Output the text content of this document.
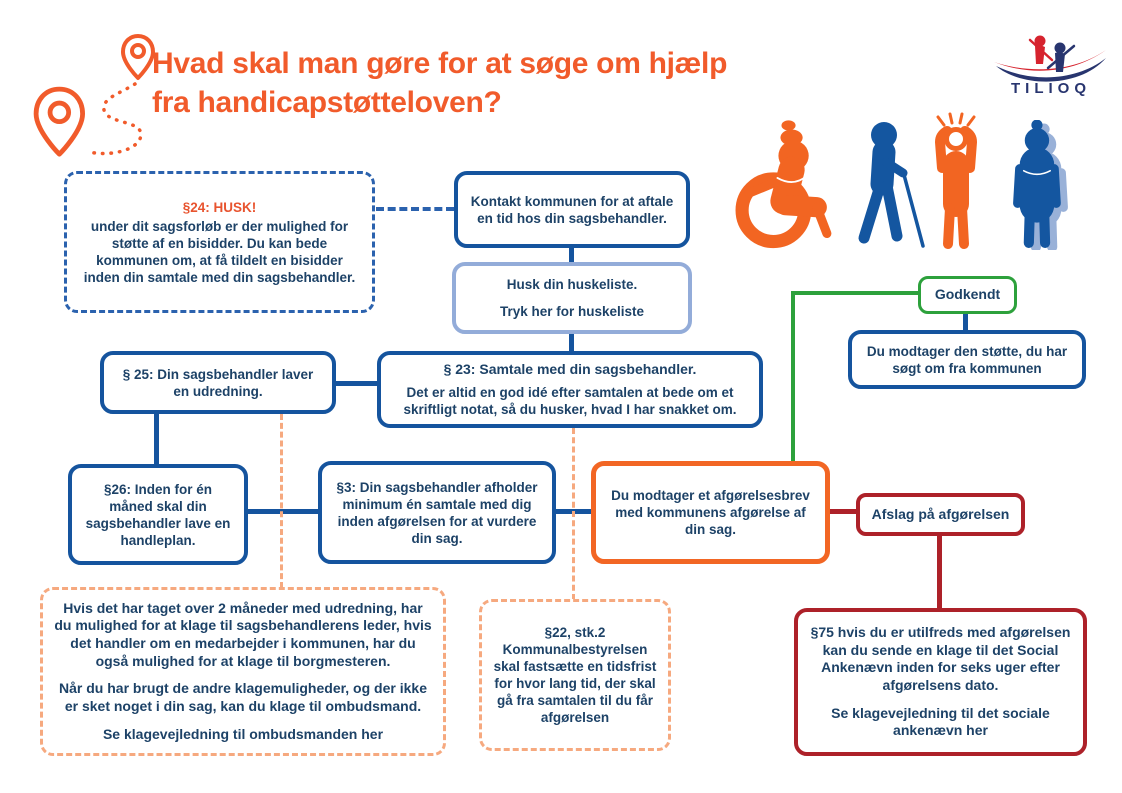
Hvad skal man gøre for at søge om hjælp fra handicapstøtteloven?	TILIOQ

§24: HUSK!

under dit sagsforløb er der mulighed for støtte af en bisidder. Du kan bede kommunen om, at få tildelt en bisidder inden din samtale med din sagsbehandler.

Kontakt kommunen for at aftale en tid hos din sagsbehandler.

Husk din huskeliste.

Tryk her for huskeliste

Godkendt

Du modtager den støtte, du har søgt om fra kommunen

§ 25: Din sagsbehandler laver en udredning.

§ 23: Samtale med din sagsbehandler.

Det er altid en god idé efter samtalen at bede om et skriftligt notat, så du husker, hvad I har snakket om.

§26: Inden for én måned skal din sagsbehandler lave en handleplan.

§3: Din sagsbehandler afholder minimum én samtale med dig inden afgørelsen for at vurdere din sag.

Du modtager et afgørelsesbrev med kommunens afgørelse af din sag.

Afslag på afgørelsen

Hvis det har taget over 2 måneder med udredning, har du mulighed for at klage til sagsbehandlerens leder, hvis det handler om en medarbejder i kommunen, har du også mulighed for at klage til borgmesteren.

Når du har brugt de andre klagemuligheder, og der ikke er sket noget i din sag, kan du klage til ombudsmand.

Se klagevejledning til ombudsmanden her

§22, stk.2

Kommunalbestyrelsen skal fastsætte en tidsfrist for hvor lang tid, der skal gå fra samtalen til du får afgørelsen

§75 hvis du er utilfreds med afgørelsen kan du sende en klage til det Social Ankenævn inden for seks uger efter afgørelsens dato.

Se klagevejledning til det sociale ankenævn her
